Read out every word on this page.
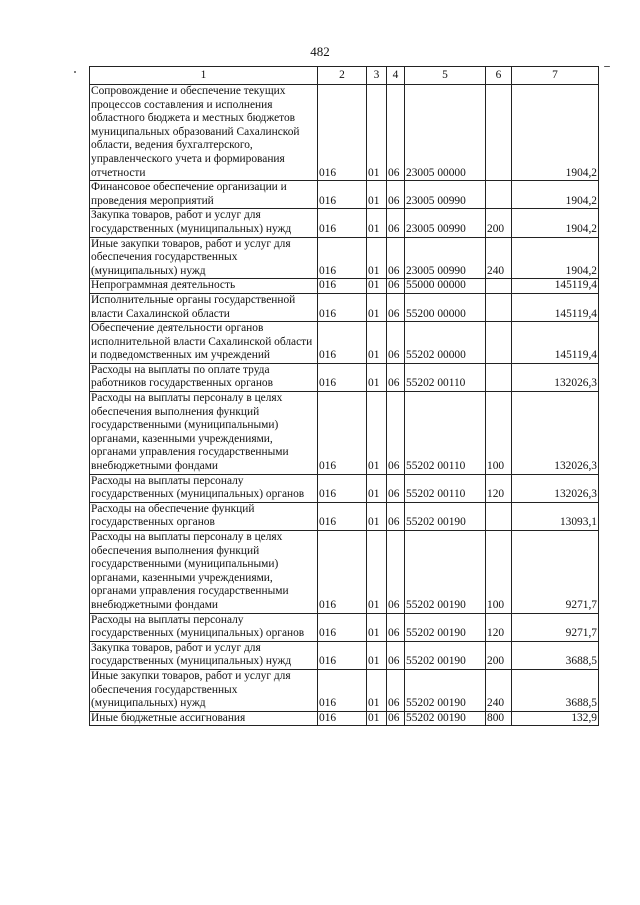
482
1	2	3	4	5	6	7
Сопровождение и обеспечение текущих процессов составления и исполнения областного бюджета и местных бюджетов муниципальных образований Сахалинской области, ведения бухгалтерского, управленческого учета и формирования отчетности	016	01	06	23005 00000		1904,2
Финансовое обеспечение организации и проведения мероприятий	016	01	06	23005 00990		1904,2
Закупка товаров, работ и услуг для государственных (муниципальных) нужд	016	01	06	23005 00990	200	1904,2
Иные закупки товаров, работ и услуг для обеспечения государственных (муниципальных) нужд	016	01	06	23005 00990	240	1904,2
Непрограммная деятельность	016	01	06	55000 00000		145119,4
Исполнительные органы государственной власти Сахалинской области	016	01	06	55200 00000		145119,4
Обеспечение деятельности органов исполнительной власти Сахалинской области и подведомственных им учреждений	016	01	06	55202 00000		145119,4
Расходы на выплаты по оплате труда работников государственных органов	016	01	06	55202 00110		132026,3
Расходы на выплаты персоналу в целях обеспечения выполнения функций государственными (муниципальными) органами, казенными учреждениями, органами управления государственными внебюджетными фондами	016	01	06	55202 00110	100	132026,3
Расходы на выплаты персоналу государственных (муниципальных) органов	016	01	06	55202 00110	120	132026,3
Расходы на обеспечение функций государственных органов	016	01	06	55202 00190		13093,1
Расходы на выплаты персоналу в целях обеспечения выполнения функций государственными (муниципальными) органами, казенными учреждениями, органами управления государственными внебюджетными фондами	016	01	06	55202 00190	100	9271,7
Расходы на выплаты персоналу государственных (муниципальных) органов	016	01	06	55202 00190	120	9271,7
Закупка товаров, работ и услуг для государственных (муниципальных) нужд	016	01	06	55202 00190	200	3688,5
Иные закупки товаров, работ и услуг для обеспечения государственных (муниципальных) нужд	016	01	06	55202 00190	240	3688,5
Иные бюджетные ассигнования	016	01	06	55202 00190	800	132,9
